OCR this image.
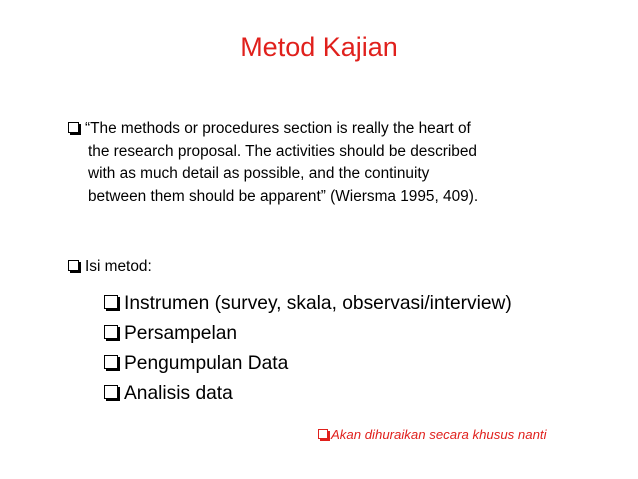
Metod Kajian
“The methods or procedures section is really the heart of
the research proposal. The activities should be described
with as much detail as possible, and the continuity
between them should be apparent” (Wiersma 1995, 409).
Isi metod:
Instrumen (survey, skala, observasi/interview)
Persampelan
Pengumpulan Data
Analisis data
Akan dihuraikan secara khusus nanti
